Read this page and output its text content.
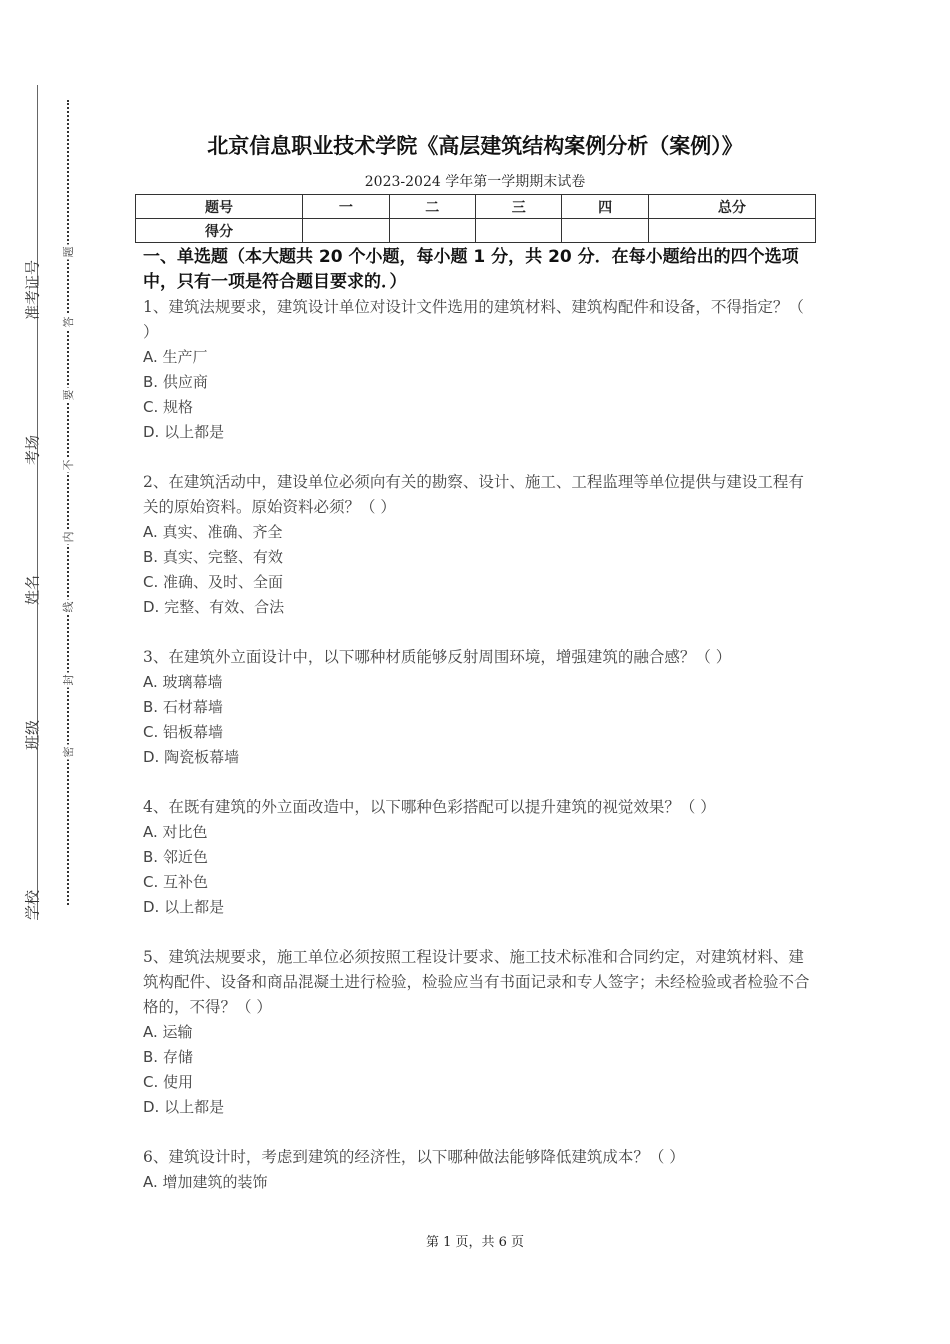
准考证号
考场
姓名
班级
学校
题
答
要
不
内
线
封
密
北京信息职业技术学院《高层建筑结构案例分析（案例）》
2023-2024 学年第一学期期末试卷
题号	一	二	三	四	总分
得分					
一、单选题（本大题共 20 个小题，每小题 1 分，共 20 分．在每小题给出的四个选项中，只有一项是符合题目要求的．）

1、建筑法规要求，建筑设计单位对设计文件选用的建筑材料、建筑构配件和设备，不得指定？（ ）

A. 生产厂

B. 供应商

C. 规格

D. 以上都是

2、在建筑活动中，建设单位必须向有关的勘察、设计、施工、工程监理等单位提供与建设工程有关的原始资料。原始资料必须？（ ）

A. 真实、准确、齐全

B. 真实、完整、有效

C. 准确、及时、全面

D. 完整、有效、合法

3、在建筑外立面设计中，以下哪种材质能够反射周围环境，增强建筑的融合感？（ ）

A. 玻璃幕墙

B. 石材幕墙

C. 铝板幕墙

D. 陶瓷板幕墙

4、在既有建筑的外立面改造中，以下哪种色彩搭配可以提升建筑的视觉效果？（ ）

A. 对比色

B. 邻近色

C. 互补色

D. 以上都是

5、建筑法规要求，施工单位必须按照工程设计要求、施工技术标准和合同约定，对建筑材料、建筑构配件、设备和商品混凝土进行检验，检验应当有书面记录和专人签字；未经检验或者检验不合格的，不得？（ ）

A. 运输

B. 存储

C. 使用

D. 以上都是

6、建筑设计时，考虑到建筑的经济性，以下哪种做法能够降低建筑成本？（ ）

A. 增加建筑的装饰

第 1 页，共 6 页
